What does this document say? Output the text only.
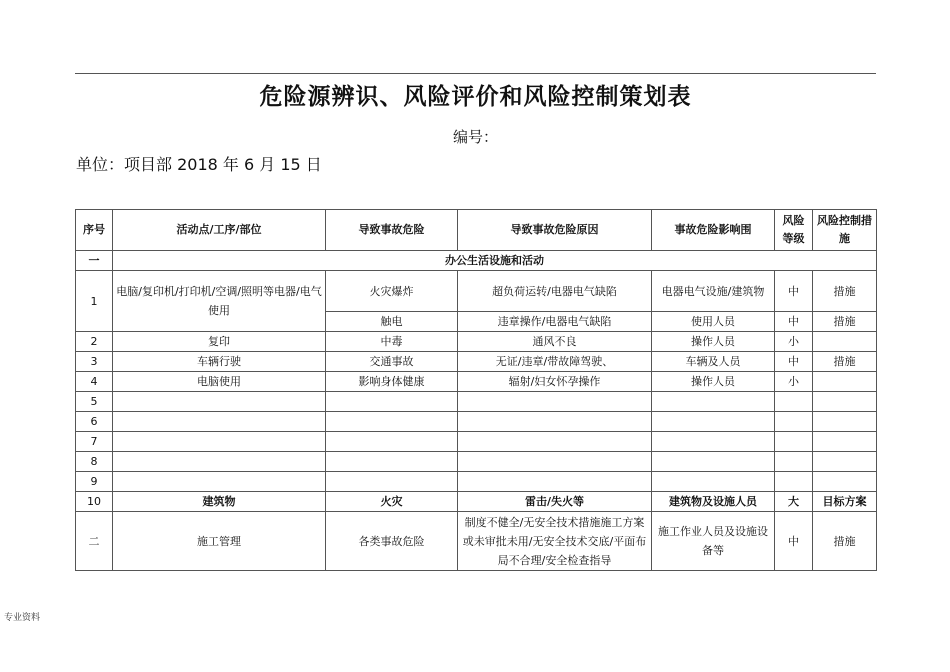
危险源辨识、风险评价和风险控制策划表
编号：
单位：项目部 2018 年 6 月 15 日
序号	活动点/工序/部位	导致事故危险	导致事故危险原因	事故危险影响围	风险等级	风险控制措施
一	办公生活设施和活动					
1	电脑/复印机/打印机/空调/照明等电器/电气使用	火灾爆炸	超负荷运转/电器电气缺陷	电器电气设施/建筑物	中	措施
		触电	违章操作/电器电气缺陷	使用人员	中	措施
2	复印	中毒	通风不良	操作人员	小	
3	车辆行驶	交通事故	无证/违章/带故障驾驶、	车辆及人员	中	措施
4	电脑使用	影响身体健康	辐射/妇女怀孕操作	操作人员	小	
5						
6						
7						
8						
9						
10	建筑物	火灾	雷击/失火等	建筑物及设施人员	大	目标方案
二	施工管理	各类事故危险	制度不健全/无安全技术措施施工方案或未审批未用/无安全技术交底/平面布局不合理/安全检查指导	施工作业人员及设施设备等	中	措施
专业资料
